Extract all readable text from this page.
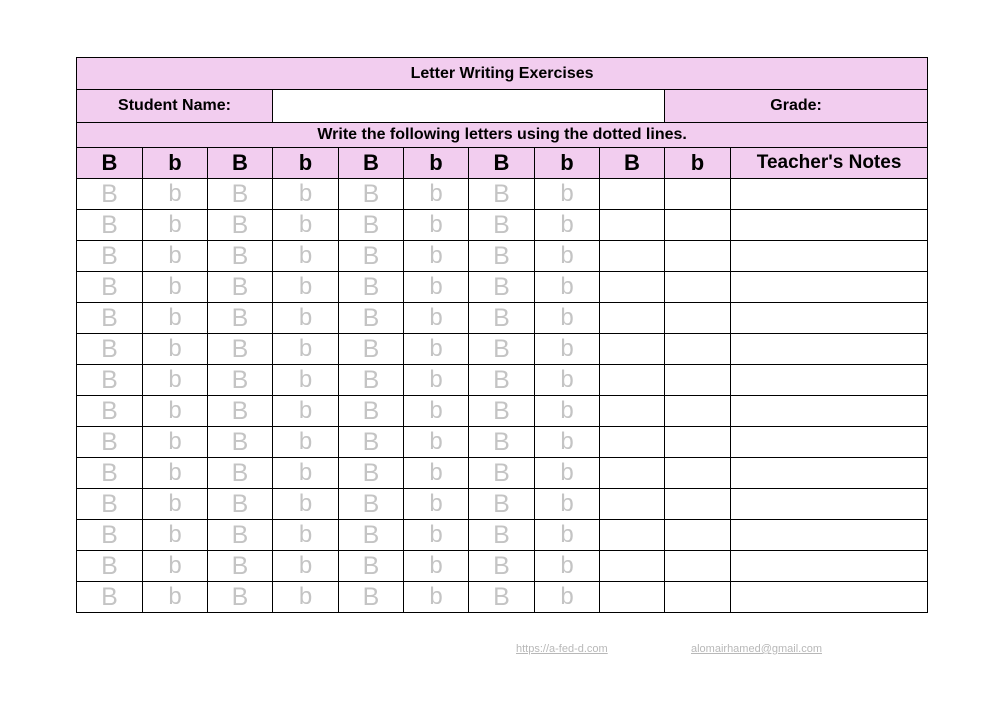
Letter Writing Exercises											
Student Name:									Grade:		
Write the following letters using the dotted lines.											
B	b	B	b	B	b	B	b	B	b	Teacher's Notes	
B	b	B	b	B	b	B	b				
B	b	B	b	B	b	B	b				
B	b	B	b	B	b	B	b				
B	b	B	b	B	b	B	b				
B	b	B	b	B	b	B	b				
B	b	B	b	B	b	B	b				
B	b	B	b	B	b	B	b				
B	b	B	b	B	b	B	b				
B	b	B	b	B	b	B	b				
B	b	B	b	B	b	B	b				
B	b	B	b	B	b	B	b				
B	b	B	b	B	b	B	b				
B	b	B	b	B	b	B	b				
B	b	B	b	B	b	B	b				
https://a-fed-d.com	alomairhamed@gmail.com
